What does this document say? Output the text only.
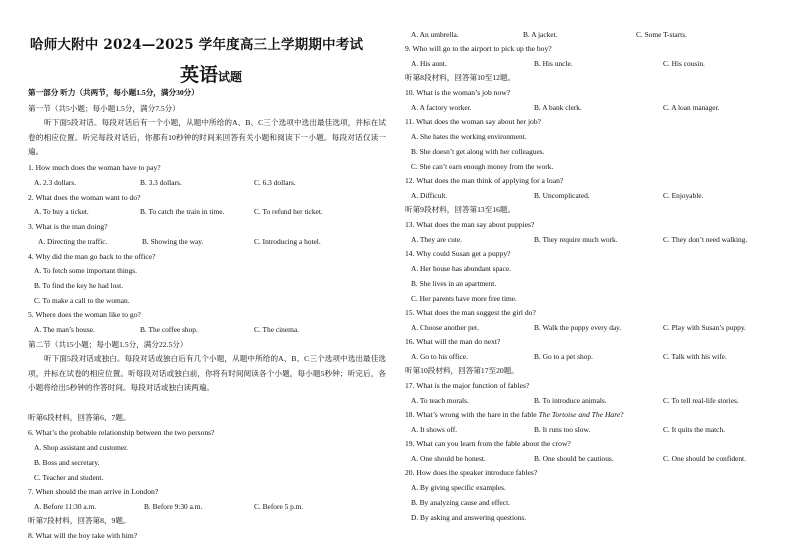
哈师大附中 2024—2025 学年度高三上学期期中考试
英语试题
第一部分 听力（共两节，每小题1.5分，满分30分）
第一节（共5小题；每小题1.5分，满分7.5分）
听下面5段对话。每段对话后有一个小题，从题中所给的A、B、C三个选项中选出最佳选项，并标在试卷的相应位置。听完每段对话后，你都有10秒钟的时间来回答有关小题和阅读下一小题。每段对话仅读一遍。
1. How much does the woman have to pay?
A. 2.3 dollars.	B. 3.3 dollars.	C. 6.3 dollars.
2. What does the woman want to do?
A. To buy a ticket.	B. To catch the train in time.	C. To refund her ticket.
3. What is the man doing?
A. Directing the traffic.	B. Showing the way.	C. Introducing a hotel.
4. Why did the man go back to the office?
A. To fetch some important things.
B. To find the key he had lost.
C. To make a call to the woman.
5. Where does the woman like to go?
A. The man’s house.	B. The coffee shop.	C. The cinema.
第二节（共15小题；每小题1.5分，满分22.5分）
听下面5段对话或独白。每段对话或独白后有几个小题，从题中所给的A、B、C三个选项中选出最佳选项，并标在试卷的相应位置。听每段对话或独白前，你将有时间阅读各个小题，每小题5秒钟；听完后，各小题将给出5秒钟的作答时间。每段对话或独白读两遍。
听第6段材料，回答第6、7题。
6. What’s the probable relationship between the two persons?
A. Shop assistant and customer.
B. Boss and secretary.
C. Teacher and student.
7. When should the man arrive in London?
A. Before 11:30 a.m.	B. Before 9:30 a.m.	C. Before 5 p.m.
听第7段材料，回答第8、9题。
8. What will the boy take with him?
A. An umbrella.	B. A jacket.	C. Some T-starts.
9. Who will go to the airport to pick up the boy?
A. His aunt.	B. His uncle.	C. His cousin.
听第8段材料，回答第10至12题。
10. What is the woman’s job now?
A. A factory worker.	B. A bank clerk.	C. A loan manager.
11. What does the woman say about her job?
A. She hates the working environment.
B. She doesn’t get along with her colleagues.
C. She can’t earn enough money from the work.
12. What does the man think of applying for a loan?
A. Difficult.	B. Uncomplicated.	C. Enjoyable.
听第9段材料，回答第13至16题。
13. What does the man say about puppies?
A. They are cute.	B. They require much work.	C. They don’t need walking.
14. Why could Susan get a puppy?
A. Her house has abundant space.
B. She lives in an apartment.
C. Her parents have more free time.
15. What does the man suggest the girl do?
A. Choose another pet.	B. Walk the puppy every day.	C. Play with Susan’s puppy.
16. What will the man do next?
A. Go to his office.	B. Go to a pet shop.	C. Talk with his wife.
听第10段材料，回答第17至20题。
17. What is the major function of fables?
A. To teach morals.	B. To introduce animals.	C. To tell real-life stories.
18. What’s wrong with the hare in the fable The Tortoise and The Hare?
A. It shows off.	B. It runs too slow.	C. It quits the match.
19. What can you learn from the fable about the crow?
A. One should be honest.	B. One should be cautious.	C. One should be confident.
20. How does the speaker introduce fables?
A. By giving specific examples.
B. By analyzing cause and effect.
D. By asking and answering questions.
